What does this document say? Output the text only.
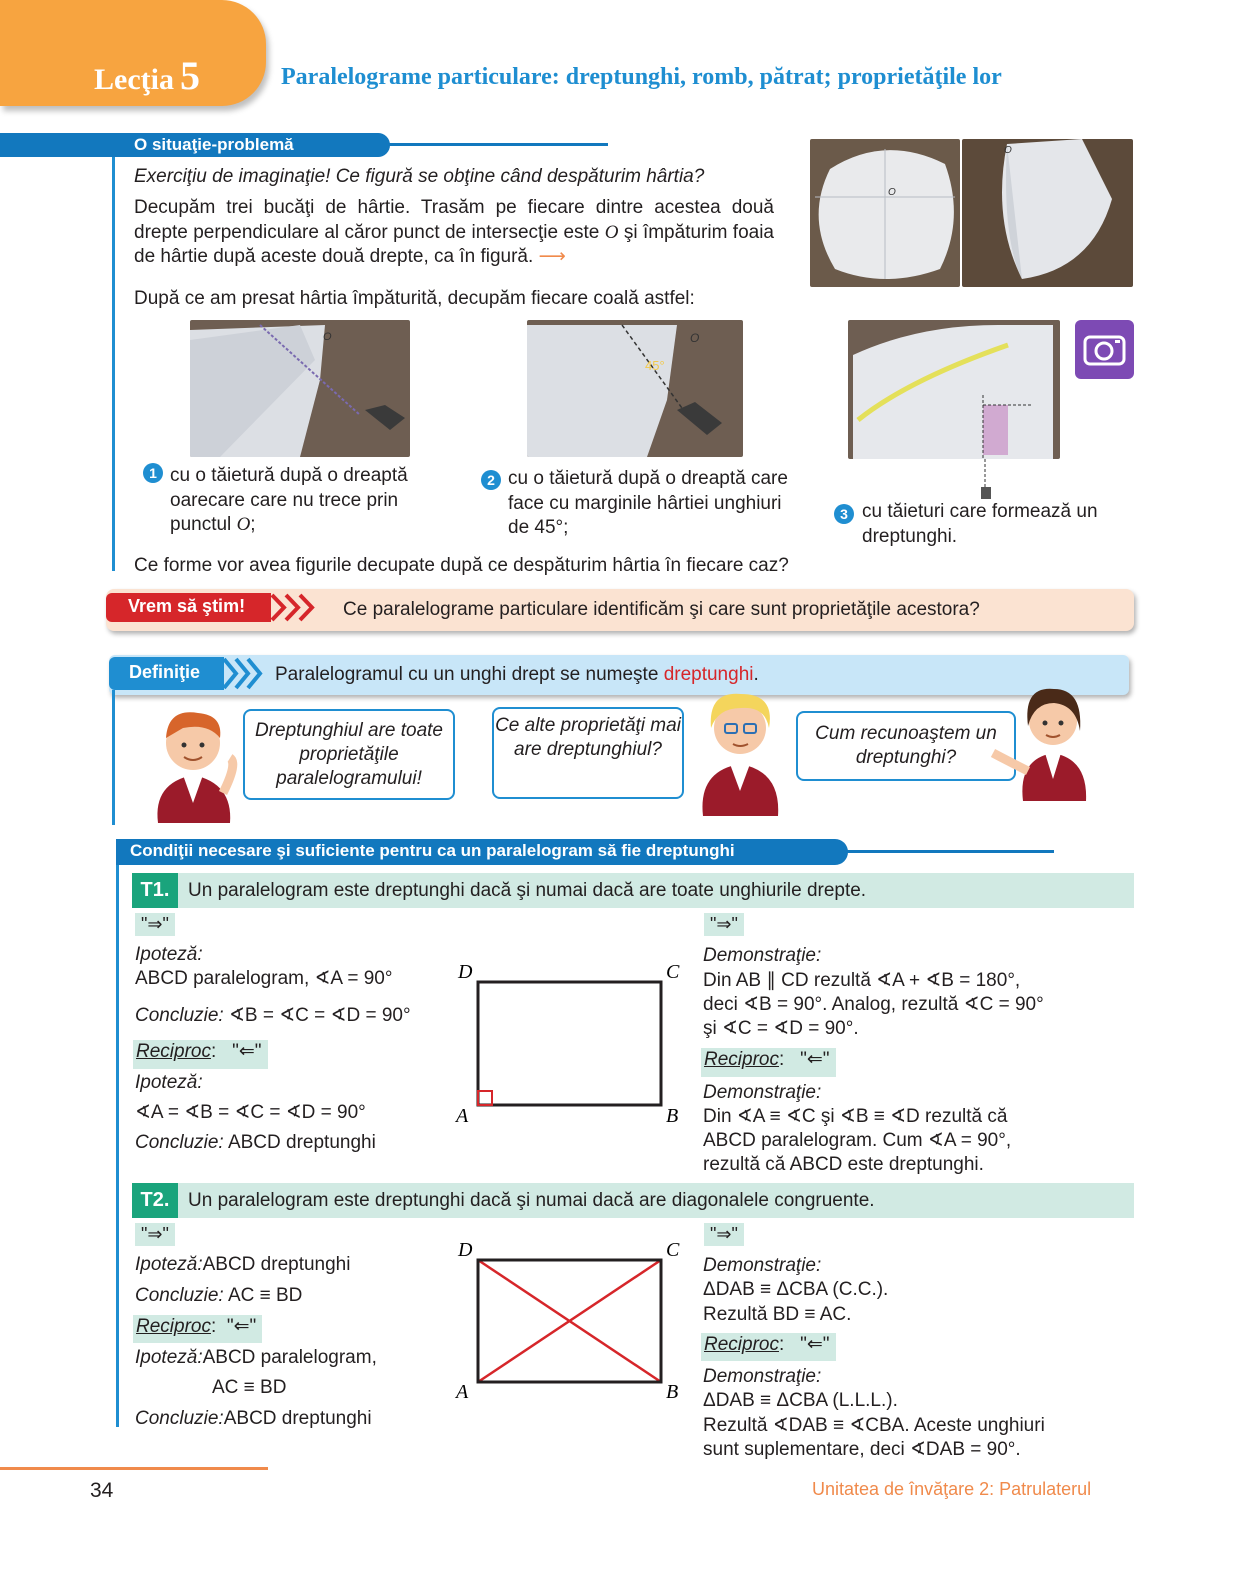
Lecţia 5	Paralelograme particulare: dreptunghi, romb, pătrat; proprietăţile lor
O situaţie-problemă
Exerciţiu de imaginaţie! Ce figură se obţine când despăturim hârtia?
Decupăm trei bucăţi de hârtie. Trasăm pe fiecare dintre acestea două drepte perpendiculare al căror punct de intersecţie este O şi împăturim foaia de hârtie după aceste două drepte, ca în figură. ⟶
După ce am presat hârtia împăturită, decupăm fiecare coală astfel:
O
O
O
45°
O
1 cu o tăietură după o dreaptă oarecare care nu trece prin punctul O;
2 cu o tăietură după o dreaptă care face cu marginile hârtiei unghiuri de 45°;
3 cu tăieturi care formează un dreptunghi.
Ce forme vor avea figurile decupate după ce despăturim hârtia în fiecare caz?
Vrem să ştim!	Ce paralelograme particulare identificăm şi care sunt proprietăţile acestora?
Definiţie	Paralelogramul cu un unghi drept se numeşte dreptunghi.
Dreptunghiul are toate proprietăţile paralelogramului!
Ce alte proprietăţi mai are dreptunghiul?
Cum recunoaştem un dreptunghi?
Condiţii necesare şi suficiente pentru ca un paralelogram să fie dreptunghi
T1. Un paralelogram este dreptunghi dacă şi numai dacă are toate unghiurile drepte.
"⇒"
Ipoteză:
ABCD paralelogram, ∢A = 90°
Concluzie: ∢B = ∢C = ∢D = 90°
Reciproc:   "⇐"
Ipoteză:
∢A = ∢B = ∢C = ∢D = 90°
Concluzie: ABCD dreptunghi
D	C
A	B
"⇒"
Demonstraţie:
Din AB ∥ CD rezultă ∢A + ∢B = 180°,
deci ∢B = 90°. Analog, rezultă ∢C = 90°
şi ∢C = ∢D = 90°.
Reciproc:   "⇐"
Demonstraţie:
Din ∢A ≡ ∢C şi ∢B ≡ ∢D rezultă că
ABCD paralelogram. Cum ∢A = 90°,
rezultă că ABCD este dreptunghi.
T2. Un paralelogram este dreptunghi dacă şi numai dacă are diagonalele congruente.
"⇒"
Ipoteză:ABCD dreptunghi
Concluzie: AC ≡ BD
Reciproc:  "⇐"
Ipoteză:ABCD paralelogram,
AC ≡ BD
Concluzie:ABCD dreptunghi
D	C
A	B
"⇒"
Demonstraţie:
ΔDAB ≡ ΔCBA (C.C.).
Rezultă BD ≡ AC.
Reciproc:   "⇐"
Demonstraţie:
ΔDAB ≡ ΔCBA (L.L.L.).
Rezultă ∢DAB ≡ ∢CBA. Aceste unghiuri
sunt suplementare, deci ∢DAB = 90°.
34	Unitatea de învăţare 2: Patrulaterul
